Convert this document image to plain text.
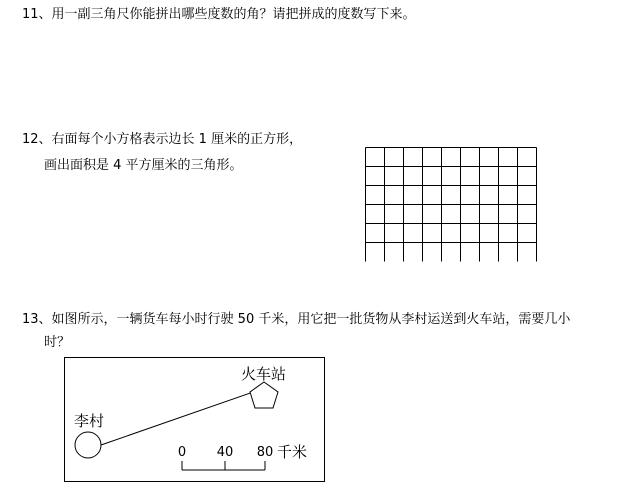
11、用一副三角尺你能拼出哪些度数的角？请把拼成的度数写下来。
12、右面每个小方格表示边长 1 厘米的正方形，
画出面积是 4 平方厘米的三角形。
13、如图所示，一辆货车每小时行驶 50 千米，用它把一批货物从李村运送到火车站，需要几小
时？
李村
火车站
0 40 80 千米
